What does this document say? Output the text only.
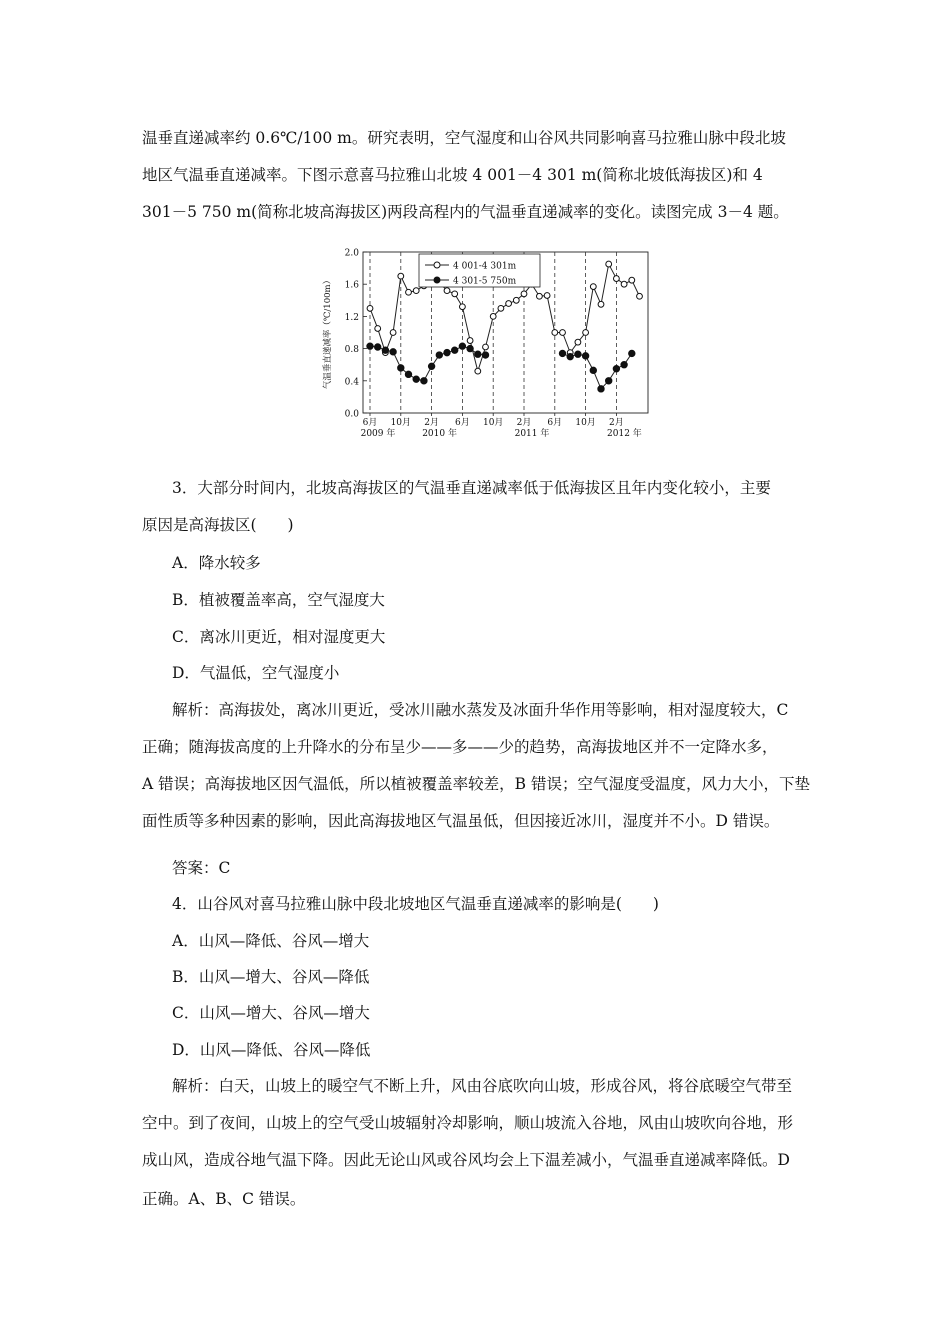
温垂直递减率约 0.6℃/100 m。研究表明，空气湿度和山谷风共同影响喜马拉雅山脉中段北坡
地区气温垂直递减率。下图示意喜马拉雅山北坡 4 001－4 301 m(简称北坡低海拔区)和 4
301－5 750 m(简称北坡高海拔区)两段高程内的气温垂直递减率的变化。读图完成 3－4 题。
0.0
0.4
0.8
1.2
1.6
2.0
气温垂直递减率（℃/100m）
6月 10月 2月 6月 10月 2月 6月 10月 2月
2009 年	2010 年	2011 年	2012 年
4 001-4 301m
4 301-5 750m
3．大部分时间内，北坡高海拔区的气温垂直递减率低于低海拔区且年内变化较小，主要
原因是高海拔区(　　)
A．降水较多
B．植被覆盖率高，空气湿度大
C．离冰川更近，相对湿度更大
D．气温低，空气湿度小
解析：高海拔处，离冰川更近，受冰川融水蒸发及冰面升华作用等影响，相对湿度较大，C
正确；随海拔高度的上升降水的分布呈少——多——少的趋势，高海拔地区并不一定降水多，
A 错误；高海拔地区因气温低，所以植被覆盖率较差，B 错误；空气湿度受温度，风力大小，下垫
面性质等多种因素的影响，因此高海拔地区气温虽低，但因接近冰川，湿度并不小。D 错误。
答案：C
4．山谷风对喜马拉雅山脉中段北坡地区气温垂直递减率的影响是(　　)
A．山风—降低、谷风—增大
B．山风—增大、谷风—降低
C．山风—增大、谷风—增大
D．山风—降低、谷风—降低
解析：白天，山坡上的暖空气不断上升，风由谷底吹向山坡，形成谷风，将谷底暖空气带至
空中。到了夜间，山坡上的空气受山坡辐射冷却影响，顺山坡流入谷地，风由山坡吹向谷地，形
成山风，造成谷地气温下降。因此无论山风或谷风均会上下温差减小，气温垂直递减率降低。D
正确。A、B、C 错误。
